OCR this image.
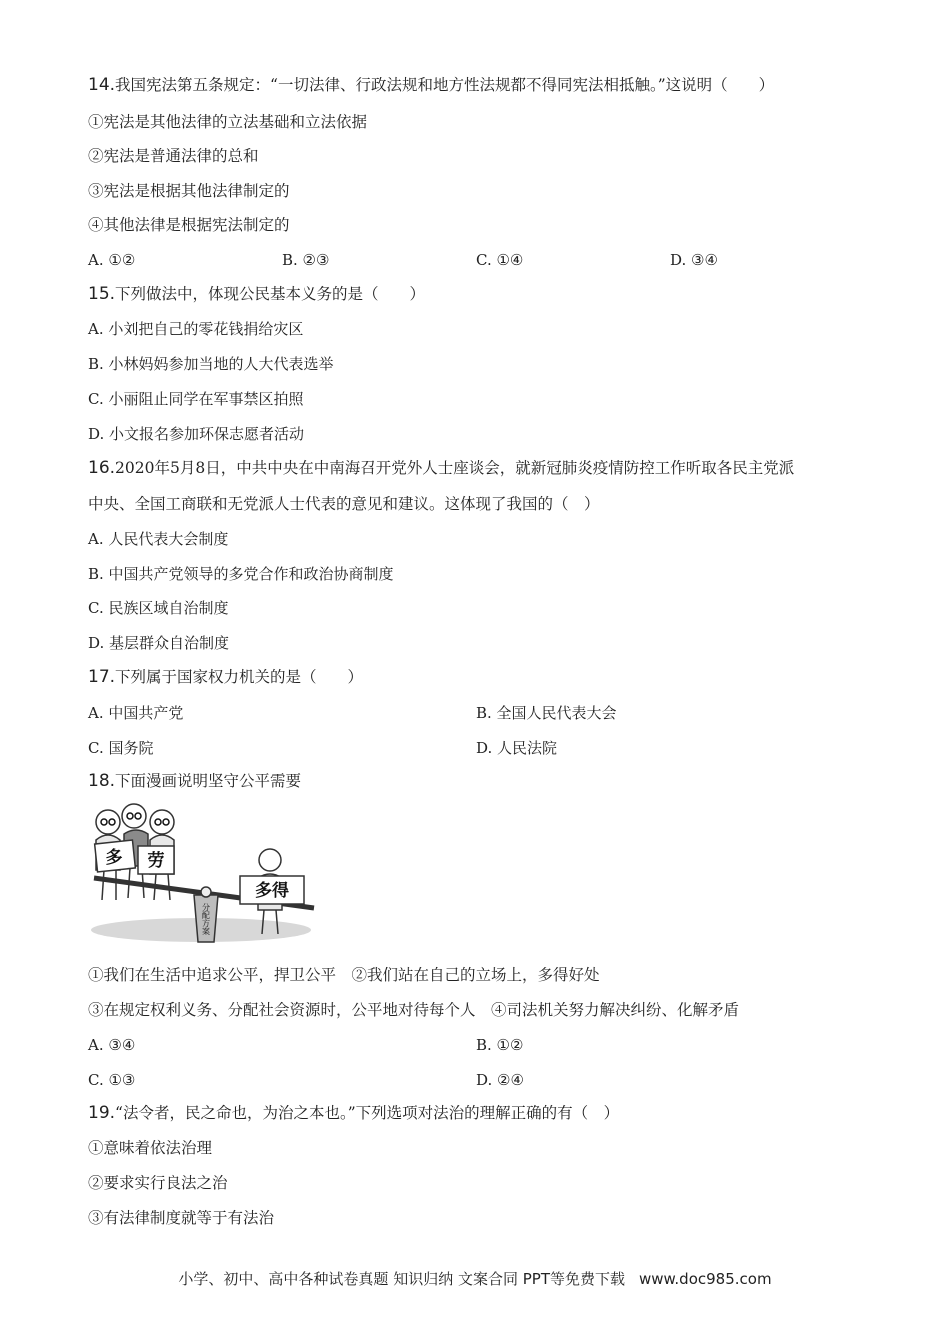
14.我国宪法第五条规定：“一切法律、行政法规和地方性法规都不得同宪法相抵触。”这说明（　　）
①宪法是其他法律的立法基础和立法依据
②宪法是普通法律的总和
③宪法是根据其他法律制定的
④其他法律是根据宪法制定的
A. ①②	B. ②③	C. ①④	D. ③④
15.下列做法中，体现公民基本义务的是（　　）
A. 小刘把自己的零花钱捐给灾区
B. 小林妈妈参加当地的人大代表选举
C. 小丽阻止同学在军事禁区拍照
D. 小文报名参加环保志愿者活动
16.2020年5月8日，中共中央在中南海召开党外人士座谈会，就新冠肺炎疫情防控工作听取各民主党派
中央、全国工商联和无党派人士代表的意见和建议。这体现了我国的（　）
A. 人民代表大会制度
B. 中国共产党领导的多党合作和政治协商制度
C. 民族区域自治制度
D. 基层群众自治制度
17.下列属于国家权力机关的是（　　）
A. 中国共产党	B. 全国人民代表大会
C. 国务院	D. 人民法院
18.下面漫画说明坚守公平需要
分配方案
多 劳
多得
①我们在生活中追求公平，捍卫公平　②我们站在自己的立场上，多得好处
③在规定权利义务、分配社会资源时，公平地对待每个人　④司法机关努力解决纠纷、化解矛盾
A. ③④	B. ①②
C. ①③	D. ②④
19.“法令者，民之命也，为治之本也。”下列选项对法治的理解正确的有（　）
①意味着依法治理
②要求实行良法之治
③有法律制度就等于有法治
小学、初中、高中各种试卷真题 知识归纳 文案合同 PPT等免费下载 www.doc985.com
